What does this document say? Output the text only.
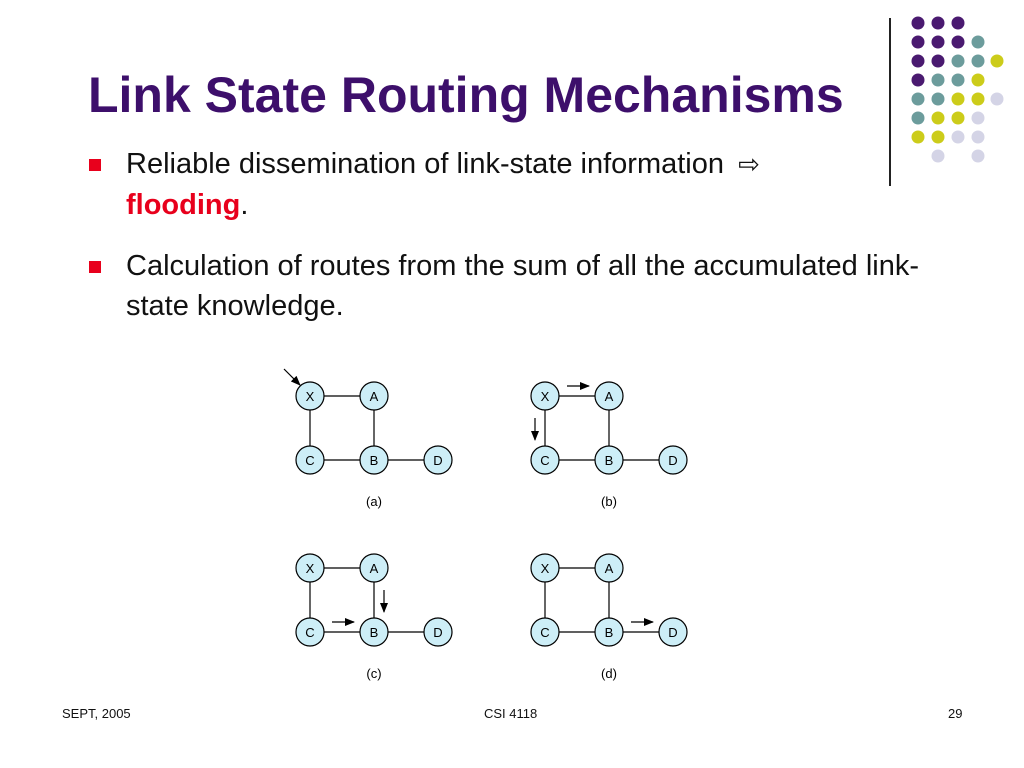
Link State Routing Mechanisms
Reliable dissemination of link-state information ⇨
flooding.
Calculation of routes from the sum of all the accumulated link-state knowledge.
X	A
C	B	D
(a)
X	A
C	B	D
(b)
X	A
C	B	D
(c)
X	A
C	B	D
(d)
SEPT, 2005	CSI 4118	29
